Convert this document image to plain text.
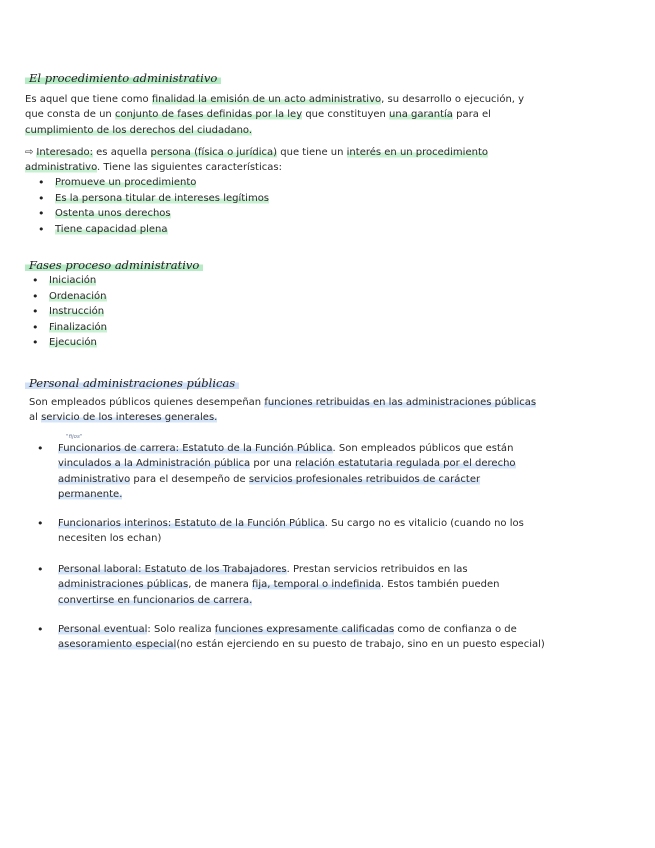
El procedimiento administrativo
Es aquel que tiene como finalidad la emisión de un acto administrativo, su desarrollo o ejecución, y
que consta de un conjunto de fases definidas por la ley que constituyen una garantía para el
cumplimiento de los derechos del ciudadano.
⇨ Interesado: es aquella persona (física o jurídica) que tiene un interés en un procedimiento
administrativo. Tiene las siguientes características:
• Promueve un procedimiento
• Es la persona titular de intereses legítimos
• Ostenta unos derechos
• Tiene capacidad plena
Fases proceso administrativo
• Iniciación
• Ordenación
• Instrucción
• Finalización
• Ejecución
Personal administraciones públicas
Son empleados públicos quienes desempeñan funciones retribuidas en las administraciones públicas
al servicio de los intereses generales.
"fijos"
• Funcionarios de carrera: Estatuto de la Función Pública. Son empleados públicos que están
vinculados a la Administración pública por una relación estatutaria regulada por el derecho
administrativo para el desempeño de servicios profesionales retribuidos de carácter
permanente.
• Funcionarios interinos: Estatuto de la Función Pública. Su cargo no es vitalicio (cuando no los
necesiten los echan)
• Personal laboral: Estatuto de los Trabajadores. Prestan servicios retribuidos en las
administraciones públicas, de manera fija, temporal o indefinida. Estos también pueden
convertirse en funcionarios de carrera.
• Personal eventual: Solo realiza funciones expresamente calificadas como de confianza o de
asesoramiento especial(no están ejerciendo en su puesto de trabajo, sino en un puesto especial)
